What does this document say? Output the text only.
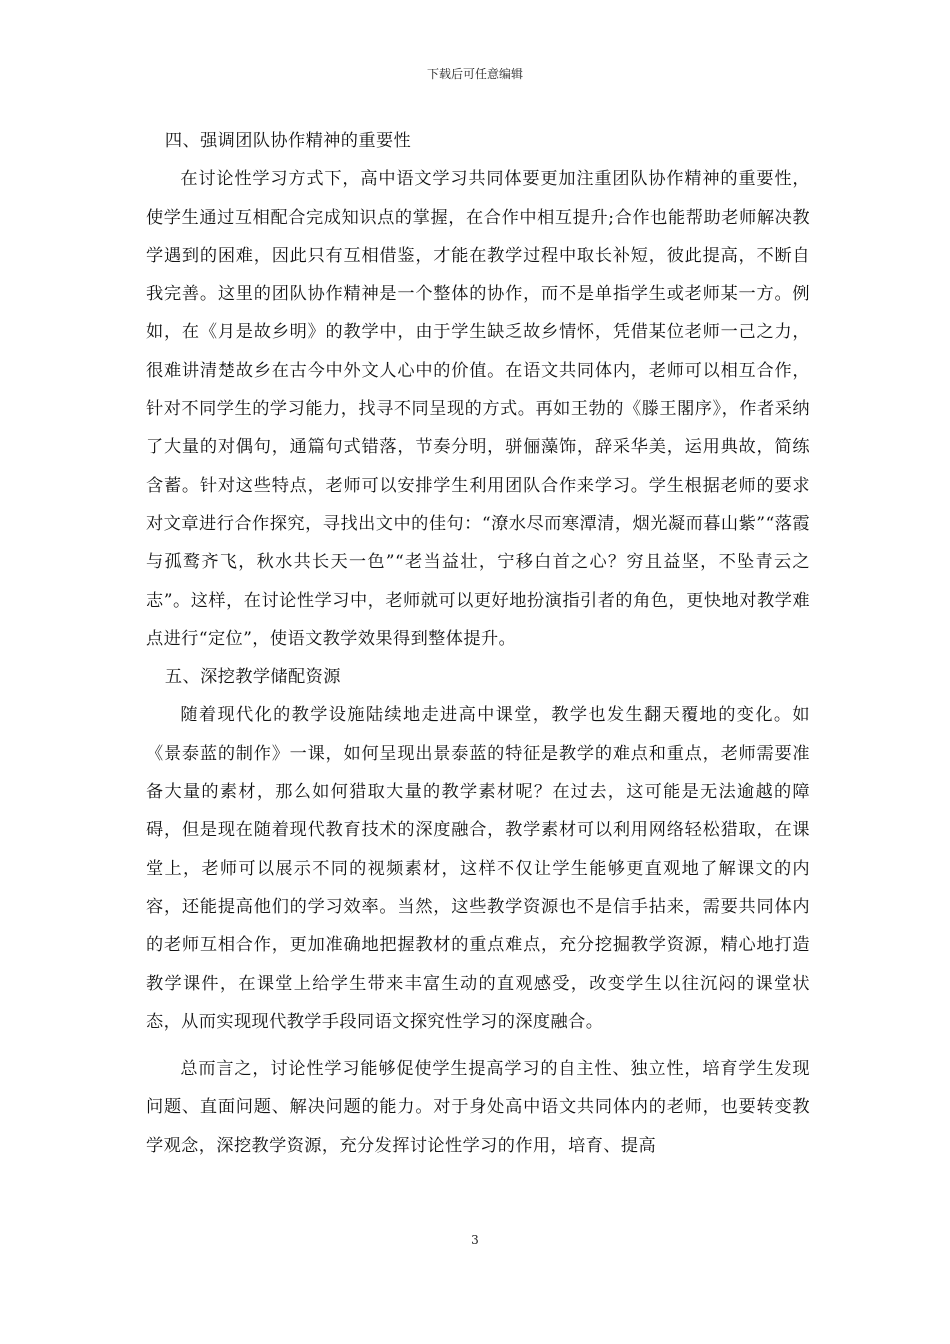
下载后可任意编辑

四、强调团队协作精神的重要性

在讨论性学习方式下，高中语文学习共同体要更加注重团队协作精神的重要性，使学生通过互相配合完成知识点的掌握，在合作中相互提升;合作也能帮助老师解决教学遇到的困难，因此只有互相借鉴，才能在教学过程中取长补短，彼此提高，不断自我完善。这里的团队协作精神是一个整体的协作，而不是单指学生或老师某一方。例如，在《月是故乡明》的教学中，由于学生缺乏故乡情怀，凭借某位老师一己之力，很难讲清楚故乡在古今中外文人心中的价值。在语文共同体内，老师可以相互合作，针对不同学生的学习能力，找寻不同呈现的方式。再如王勃的《滕王閣序》，作者采纳了大量的对偶句，通篇句式错落，节奏分明，骈俪藻饰，辞采华美，运用典故，简练含蓄。针对这些特点，老师可以安排学生利用团队合作来学习。学生根据老师的要求对文章进行合作探究，寻找出文中的佳句：“潦水尽而寒潭清，烟光凝而暮山紫”“落霞与孤鹜齐飞，秋水共长天一色”“老当益壮，宁移白首之心？穷且益坚，不坠青云之志”。这样，在讨论性学习中，老师就可以更好地扮演指引者的角色，更快地对教学难点进行“定位”，使语文教学效果得到整体提升。

五、深挖教学储配资源

随着现代化的教学设施陆续地走进高中课堂，教学也发生翻天覆地的变化。如《景泰蓝的制作》一课，如何呈现出景泰蓝的特征是教学的难点和重点，老师需要准备大量的素材，那么如何猎取大量的教学素材呢？在过去，这可能是无法逾越的障碍，但是现在随着现代教育技术的深度融合，教学素材可以利用网络轻松猎取，在课堂上，老师可以展示不同的视频素材，这样不仅让学生能够更直观地了解课文的内容，还能提高他们的学习效率。当然，这些教学资源也不是信手拈来，需要共同体内的老师互相合作，更加准确地把握教材的重点难点，充分挖掘教学资源，精心地打造教学课件，在课堂上给学生带来丰富生动的直观感受，改变学生以往沉闷的课堂状态，从而实现现代教学手段同语文探究性学习的深度融合。

总而言之，讨论性学习能够促使学生提高学习的自主性、独立性，培育学生发现问题、直面问题、解决问题的能力。对于身处高中语文共同体内的老师，也要转变教学观念，深挖教学资源，充分发挥讨论性学习的作用，培育、提高

3
